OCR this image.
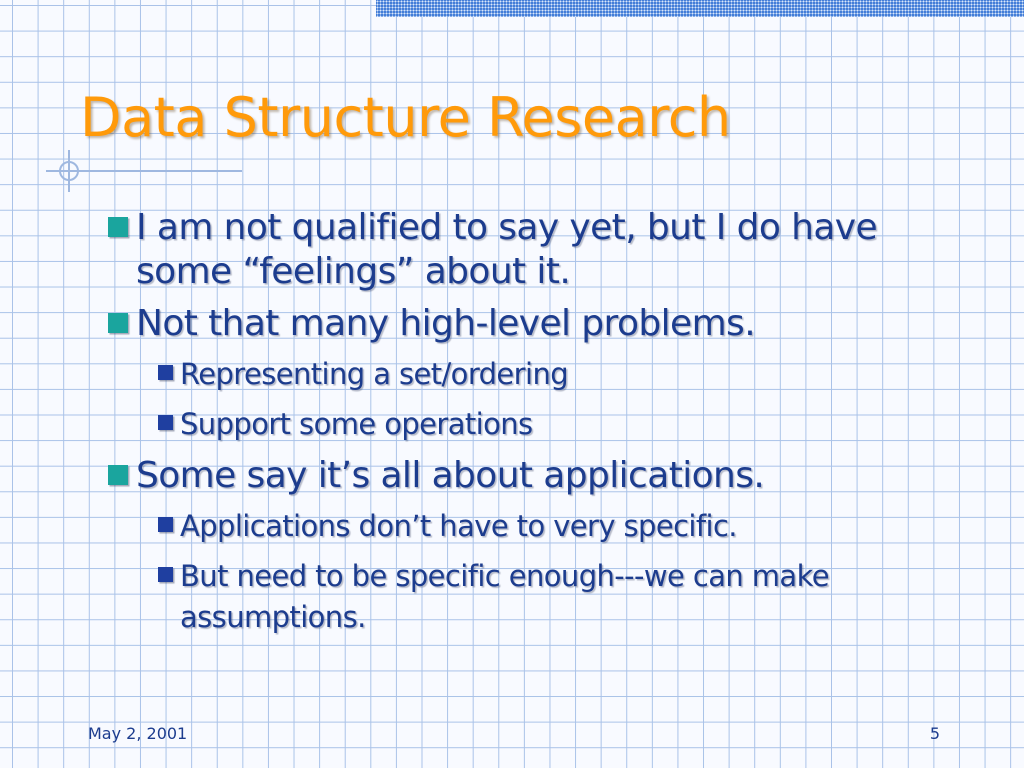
Data Structure Research
I am not qualified to say yet, but I do have some “feelings” about it.
Not that many high-level problems.
Representing a set/ordering
Support some operations
Some say it’s all about applications.
Applications don’t have to very specific.
But need to be specific enough---we can make assumptions.
May 2, 2001	5
